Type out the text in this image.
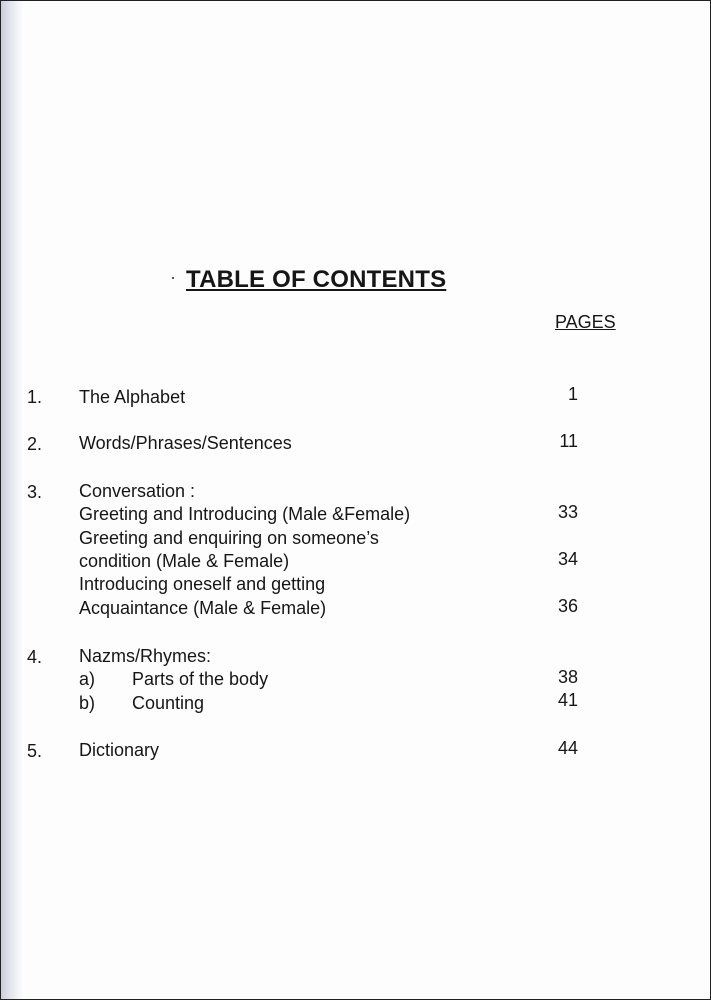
TABLE OF CONTENTS
PAGES
1. The Alphabet	1
2. Words/Phrases/Sentences	11
3. Conversation :
Greeting and Introducing (Male &Female)	33
Greeting and enquiring on someone’s
condition (Male & Female)	34
Introducing oneself and getting
Acquaintance (Male & Female)	36
4. Nazms/Rhymes:
a) Parts of the body	38
b) Counting	41
5. Dictionary	44
